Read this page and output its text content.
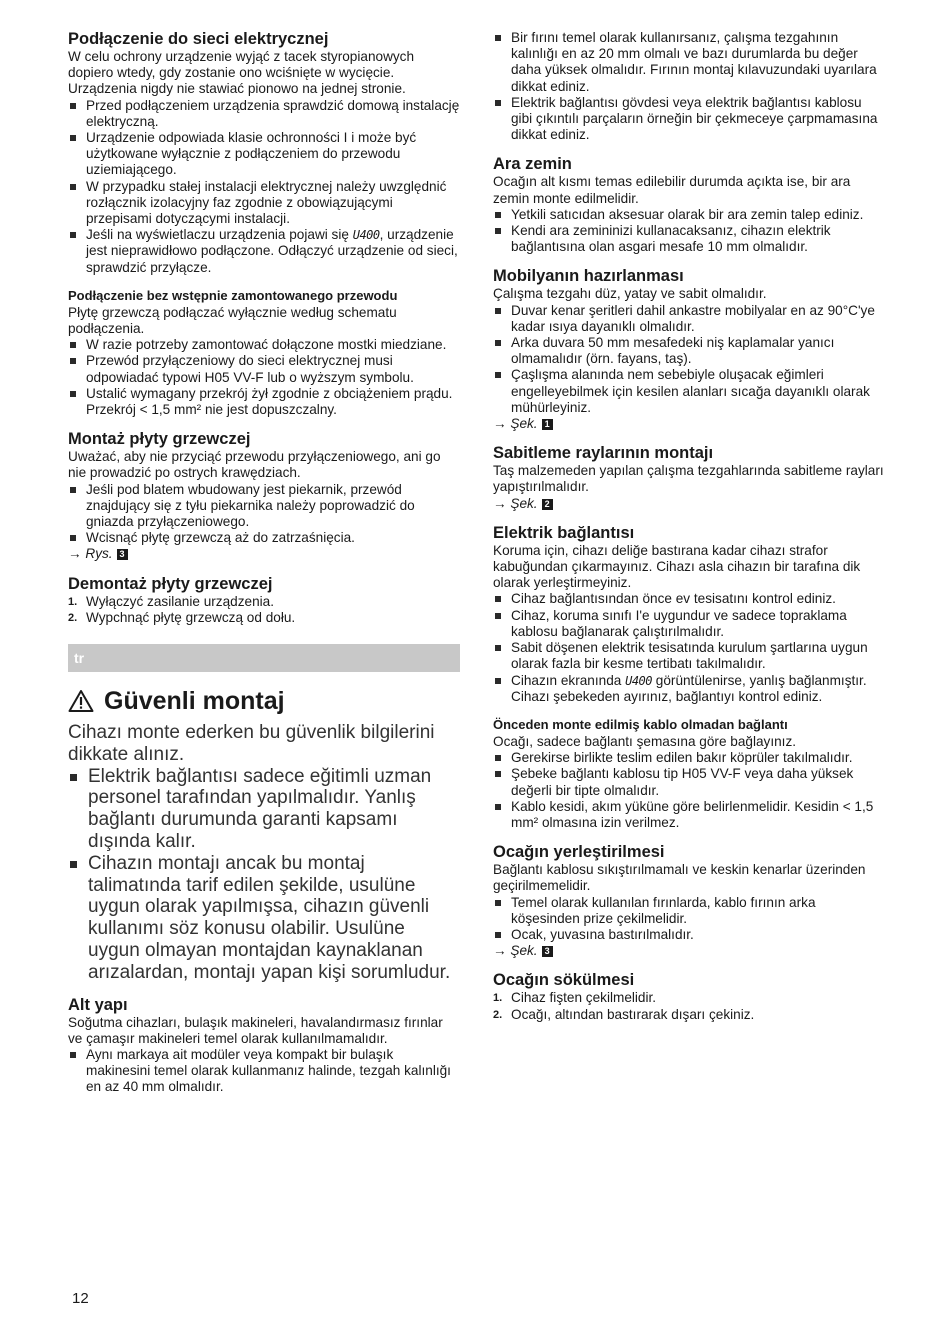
Podłączenie do sieci elektrycznej

W celu ochrony urządzenie wyjąć z tacek styropianowych dopiero wtedy, gdy zostanie ono wciśnięte w wycięcie. Urządzenia nigdy nie stawiać pionowo na jednej stronie.

Przed podłączeniem urządzenia sprawdzić domową instalację elektryczną.
Urządzenie odpowiada klasie ochronności I i może być użytkowane wyłącznie z podłączeniem do przewodu uziemiającego.
W przypadku stałej instalacji elektrycznej należy uwzględnić rozłącznik izolacyjny faz zgodnie z obowiązującymi przepisami dotyczącymi instalacji.
Jeśli na wyświetlaczu urządzenia pojawi się U400, urządzenie jest nieprawidłowo podłączone. Odłączyć urządzenie od sieci, sprawdzić przyłącze.
Podłączenie bez wstępnie zamontowanego przewodu

Płytę grzewczą podłączać wyłącznie według schematu podłączenia.

W razie potrzeby zamontować dołączone mostki miedziane.
Przewód przyłączeniowy do sieci elektrycznej musi odpowiadać typowi H05 VV-F lub o wyższym symbolu.
Ustalić wymagany przekrój żył zgodnie z obciążeniem prądu. Przekrój < 1,5 mm² nie jest dopuszczalny.
Montaż płyty grzewczej

Uważać, aby nie przyciąć przewodu przyłączeniowego, ani go nie prowadzić po ostrych krawędziach.

Jeśli pod blatem wbudowany jest piekarnik, przewód znajdujący się z tyłu piekarnika należy poprowadzić do gniazda przyłączeniowego.
Wcisnąć płytę grzewczą aż do zatrzaśnięcia.
→ Rys. 3
Demontaż płyty grzewczej
1. Wyłączyć zasilanie urządzenia.
2. Wypchnąć płytę grzewczą od dołu.
tr
Güvenli montaj

Cihazı monte ederken bu güvenlik bilgilerini dikkate alınız.

Elektrik bağlantısı sadece eğitimli uzman personel tarafından yapılmalıdır. Yanlış bağlantı durumunda garanti kapsamı dışında kalır.
Cihazın montajı ancak bu montaj talimatında tarif edilen şekilde, usulüne uygun olarak yapılmışsa, cihazın güvenli kullanımı söz konusu olabilir. Usulüne uygun olmayan montajdan kaynaklanan arızalardan, montajı yapan kişi sorumludur.
Alt yapı

Soğutma cihazları, bulaşık makineleri, havalandırmasız fırınlar ve çamaşır makineleri temel olarak kullanılmamalıdır.

Aynı markaya ait modüler veya kompakt bir bulaşık makinesini temel olarak kullanmanız halinde, tezgah kalınlığı en az 40 mm olmalıdır.
Bir fırını temel olarak kullanırsanız, çalışma tezgahının kalınlığı en az 20 mm olmalı ve bazı durumlarda bu değer daha yüksek olmalıdır. Fırının montaj kılavuzundaki uyarılara dikkat ediniz.
Elektrik bağlantısı gövdesi veya elektrik bağlantısı kablosu gibi çıkıntılı parçaların örneğin bir çekmeceye çarpmamasına dikkat ediniz.
Ara zemin

Ocağın alt kısmı temas edilebilir durumda açıkta ise, bir ara zemin monte edilmelidir.

Yetkili satıcıdan aksesuar olarak bir ara zemin talep ediniz.
Kendi ara zemininizi kullanacaksanız, cihazın elektrik bağlantısına olan asgari mesafe 10 mm olmalıdır.
Mobilyanın hazırlanması

Çalışma tezgahı düz, yatay ve sabit olmalıdır.

Duvar kenar şeritleri dahil ankastre mobilyalar en az 90°C'ye kadar ısıya dayanıklı olmalıdır.
Arka duvara 50 mm mesafedeki niş kaplamalar yanıcı olmamalıdır (örn. fayans, taş).
Çaşlışma alanında nem sebebiyle oluşacak eğimleri engelleyebilmek için kesilen alanları sıcağa dayanıklı olarak mühürleyiniz.
→ Şek. 1
Sabitleme raylarının montajı

Taş malzemeden yapılan çalışma tezgahlarında sabitleme rayları yapıştırılmalıdır.

→ Şek. 2
Elektrik bağlantısı

Koruma için, cihazı deliğe bastırana kadar cihazı strafor kabuğundan çıkarmayınız. Cihazı asla cihazın bir tarafına dik olarak yerleştirmeyiniz.

Cihaz bağlantısından önce ev tesisatını kontrol ediniz.
Cihaz, koruma sınıfı I'e uygundur ve sadece topraklama kablosu bağlanarak çalıştırılmalıdır.
Sabit döşenen elektrik tesisatında kurulum şartlarına uygun olarak fazla bir kesme tertibatı takılmalıdır.
Cihazın ekranında U400 görüntülenirse, yanlış bağlanmıştır. Cihazı şebekeden ayırınız, bağlantıyı kontrol ediniz.
Önceden monte edilmiş kablo olmadan bağlantı

Ocağı, sadece bağlantı şemasına göre bağlayınız.

Gerekirse birlikte teslim edilen bakır köprüler takılmalıdır.
Şebeke bağlantı kablosu tip H05 VV-F veya daha yüksek değerli bir tipte olmalıdır.
Kablo kesidi, akım yüküne göre belirlenmelidir. Kesidin < 1,5 mm² olmasına izin verilmez.
Ocağın yerleştirilmesi

Bağlantı kablosu sıkıştırılmamalı ve keskin kenarlar üzerinden geçirilmemelidir.

Temel olarak kullanılan fırınlarda, kablo fırının arka köşesinden prize çekilmelidir.
Ocak, yuvasına bastırılmalıdır.
→ Şek. 3
Ocağın sökülmesi
1. Cihaz fişten çekilmelidir.
2. Ocağı, altından bastırarak dışarı çekiniz.
12
